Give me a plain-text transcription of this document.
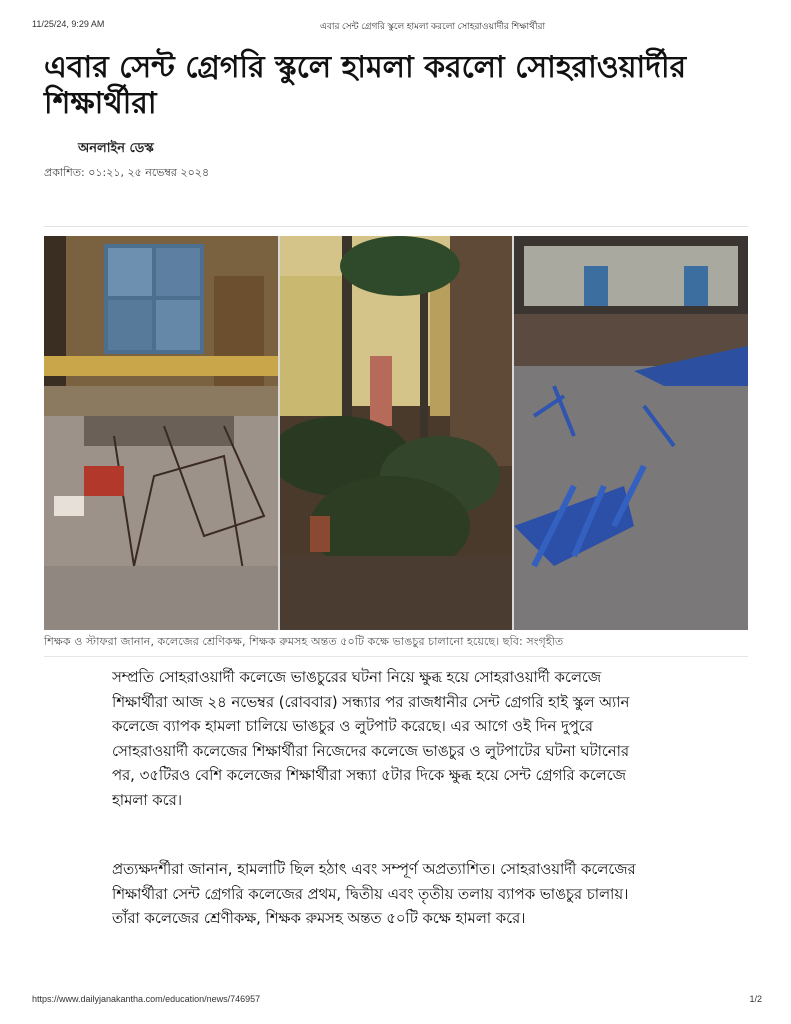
11/25/24, 9:29 AM	এবার সেন্ট গ্রেগরি স্কুলে হামলা করলো সোহরাওয়ার্দীর শিক্ষার্থীরা
এবার সেন্ট গ্রেগরি স্কুলে হামলা করলো সোহরাওয়ার্দীর
শিক্ষার্থীরা
অনলাইন ডেস্ক
প্রকাশিত: ০১:২১, ২৫ নভেম্বর ২০২৪
শিক্ষক ও স্টাফরা জানান, কলেজের শ্রেণিকক্ষ, শিক্ষক রুমসহ অন্তত ৫০টি কক্ষে ভাঙচুর চালানো হয়েছে। ছবি: সংগৃহীত

সম্প্রতি সোহরাওয়ার্দী কলেজে ভাঙচুরের ঘটনা নিয়ে ক্ষুব্ধ হয়ে সোহরাওয়ার্দী কলেজে
শিক্ষার্থীরা আজ ২৪ নভেম্বর (রোববার) সন্ধ্যার পর রাজধানীর সেন্ট গ্রেগরি হাই স্কুল অ্যান
কলেজে ব্যাপক হামলা চালিয়ে ভাঙচুর ও লুটপাট করেছে। এর আগে ওই দিন দুপুরে
সোহরাওয়ার্দী কলেজের শিক্ষার্থীরা নিজেদের কলেজে ভাঙচুর ও লুটপাটের ঘটনা ঘটানোর
পর, ৩৫টিরও বেশি কলেজের শিক্ষার্থীরা সন্ধ্যা ৫টার দিকে ক্ষুব্ধ হয়ে সেন্ট গ্রেগরি কলেজে
হামলা করে।

প্রত্যক্ষদর্শীরা জানান, হামলাটি ছিল হঠাৎ এবং সম্পূর্ণ অপ্রত্যাশিত। সোহরাওয়ার্দী কলেজের
শিক্ষার্থীরা সেন্ট গ্রেগরি কলেজের প্রথম, দ্বিতীয় এবং তৃতীয় তলায় ব্যাপক ভাঙচুর চালায়।
তাঁরা কলেজের শ্রেণীকক্ষ, শিক্ষক রুমসহ অন্তত ৫০টি কক্ষে হামলা করে।

https://www.dailyjanakantha.com/education/news/746957	1/2
